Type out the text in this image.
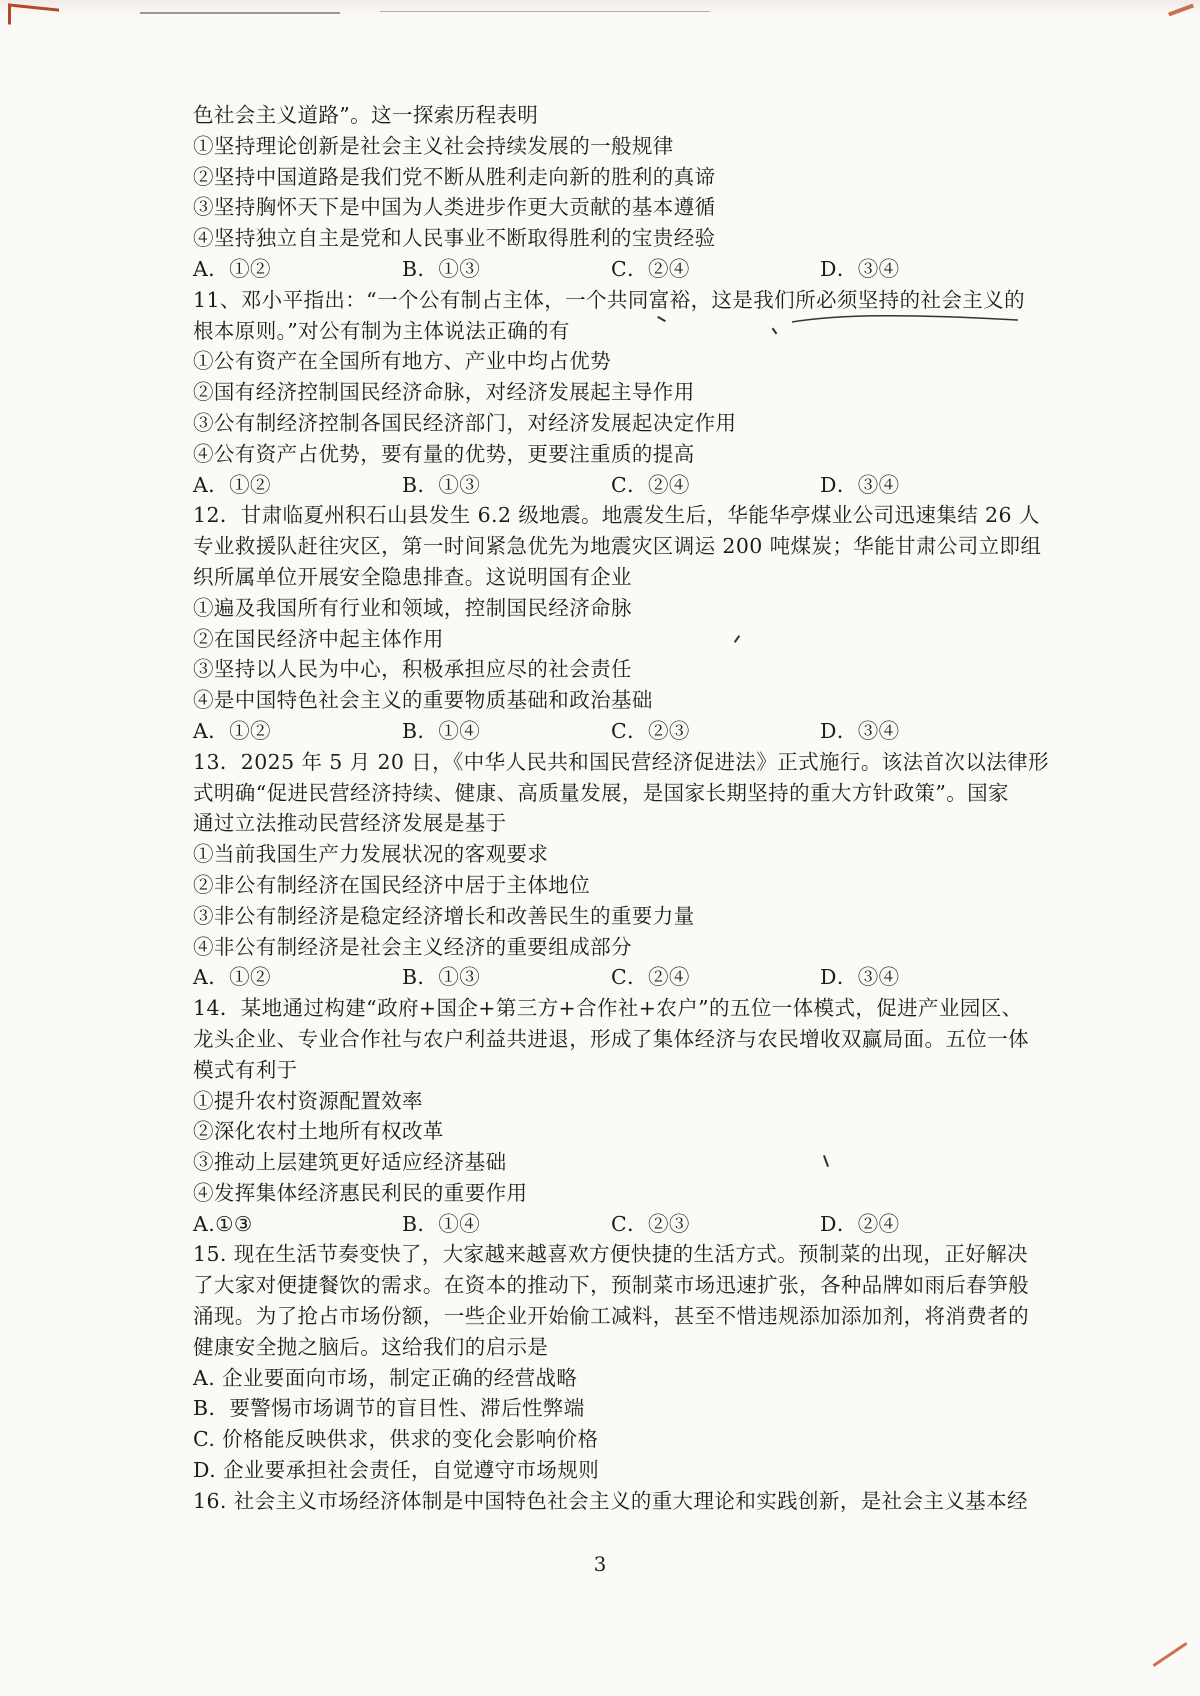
色社会主义道路”。这一探索历程表明
①坚持理论创新是社会主义社会持续发展的一般规律
②坚持中国道路是我们党不断从胜利走向新的胜利的真谛
③坚持胸怀天下是中国为人类进步作更大贡献的基本遵循
④坚持独立自主是党和人民事业不断取得胜利的宝贵经验
A．①②	B．①③	C．②④	D．③④
11、邓小平指出：“一个公有制占主体，一个共同富裕，这是我们所必须坚持的社会主义的
根本原则。”对公有制为主体说法正确的有
①公有资产在全国所有地方、产业中均占优势
②国有经济控制国民经济命脉，对经济发展起主导作用
③公有制经济控制各国民经济部门，对经济发展起决定作用
④公有资产占优势，要有量的优势，更要注重质的提高
A．①②	B．①③	C．②④	D．③④
12．甘肃临夏州积石山县发生 6.2 级地震。地震发生后，华能华亭煤业公司迅速集结 26 人
专业救援队赶往灾区，第一时间紧急优先为地震灾区调运 200 吨煤炭；华能甘肃公司立即组
织所属单位开展安全隐患排查。这说明国有企业
①遍及我国所有行业和领域，控制国民经济命脉
②在国民经济中起主体作用
③坚持以人民为中心，积极承担应尽的社会责任
④是中国特色社会主义的重要物质基础和政治基础
A．①②	B．①④	C．②③	D．③④
13．2025 年 5 月 20 日，《中华人民共和国民营经济促进法》正式施行。该法首次以法律形
式明确“促进民营经济持续、健康、高质量发展，是国家长期坚持的重大方针政策”。国家
通过立法推动民营经济发展是基于
①当前我国生产力发展状况的客观要求
②非公有制经济在国民经济中居于主体地位
③非公有制经济是稳定经济增长和改善民生的重要力量
④非公有制经济是社会主义经济的重要组成部分
A．①②	B．①③	C．②④	D．③④
14．某地通过构建“政府+国企+第三方+合作社+农户”的五位一体模式，促进产业园区、
龙头企业、专业合作社与农户利益共进退，形成了集体经济与农民增收双赢局面。五位一体
模式有利于
①提升农村资源配置效率
②深化农村土地所有权改革
③推动上层建筑更好适应经济基础
④发挥集体经济惠民利民的重要作用
A.①③	B．①④	C．②③	D．②④
15. 现在生活节奏变快了，大家越来越喜欢方便快捷的生活方式。预制菜的出现，正好解决
了大家对便捷餐饮的需求。在资本的推动下，预制菜市场迅速扩张，各种品牌如雨后春笋般
涌现。为了抢占市场份额，一些企业开始偷工减料，甚至不惜违规添加添加剂，将消费者的
健康安全抛之脑后。这给我们的启示是
A. 企业要面向市场，制定正确的经营战略
B．要警惕市场调节的盲目性、滞后性弊端
C. 价格能反映供求，供求的变化会影响价格
D. 企业要承担社会责任，自觉遵守市场规则
16. 社会主义市场经济体制是中国特色社会主义的重大理论和实践创新，是社会主义基本经
3
